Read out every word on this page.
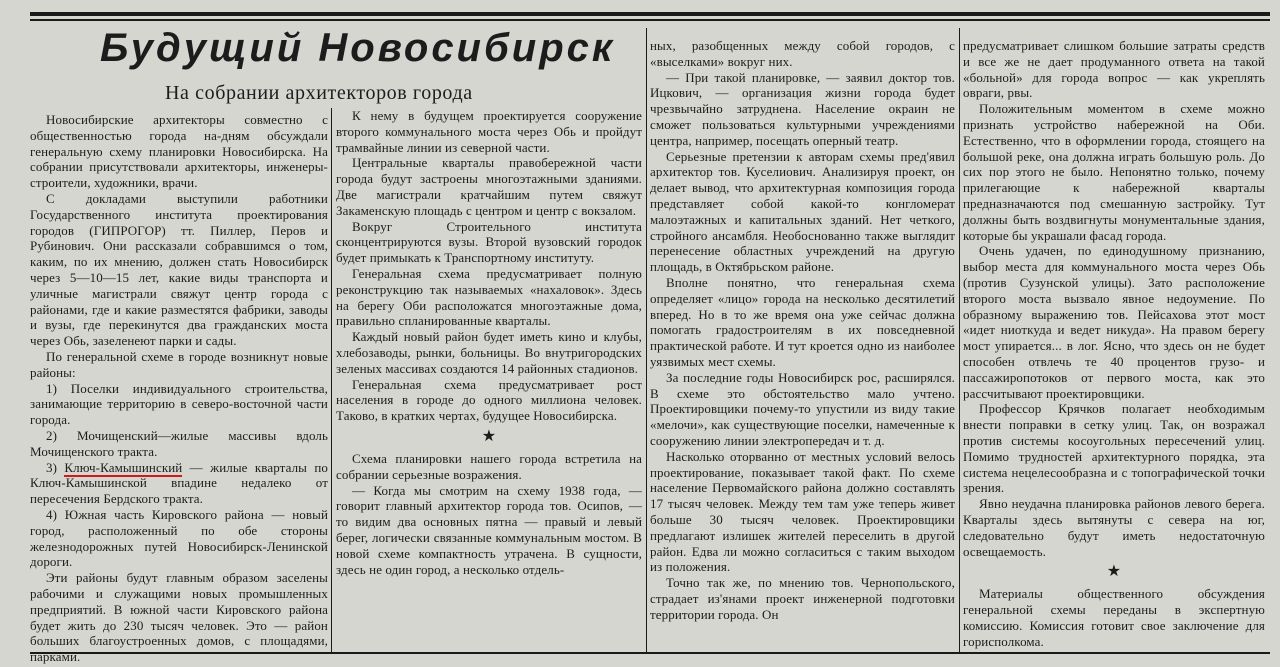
Будущий Новосибирск
На собрании архитекторов города

Новосибирские архитекторы совместно с общественностью города на-дням обсуждали генеральную схему планировки Новосибирска. На собрании присутствовали архитекторы, инженеры-строители, художники, врачи.

С докладами выступили работники Государственного института проектирования городов (ГИПРОГОР) тт. Пиллер, Перов и Рубинович. Они рассказали собравшимся о том, каким, по их мнению, должен стать Новосибирск через 5—10—15 лет, какие виды транспорта и уличные магистрали свяжут центр города с районами, где и какие разместятся фабрики, заводы и вузы, где перекинутся два гражданских моста через Обь, зазеленеют парки и сады.

По генеральной схеме в городе возникнут новые районы:

1) Поселки индивидуального строительства, занимающие территорию в северо-восточной части города.

2) Мочищенский—жилые массивы вдоль Мочищенского тракта.

3) Ключ-Камышинский — жилые кварталы по Ключ-Камышинской впадине недалеко от пересечения Бердского тракта.

4) Южная часть Кировского района — новый город, расположенный по обе стороны железнодорожных путей Новосибирск-Ленинской дороги.

Эти районы будут главным образом заселены рабочими и служащими новых промышленных предприятий. В южной части Кировского района будет жить до 230 тысяч человек. Это — район больших благоустроенных домов, с площадями, парками.

К нему в будущем проектируется сооружение второго коммунального моста через Обь и пройдут трамвайные линии из северной части.

Центральные кварталы правобережной части города будут застроены многоэтажными зданиями. Две магистрали кратчайшим путем свяжут Закаменскую площадь с центром и центр с вокзалом.

Вокруг Строительного института сконцентрируются вузы. Второй вузовский городок будет примыкать к Транспортному институту.

Генеральная схема предусматривает полную реконструкцию так называемых «нахаловок». Здесь на берегу Оби расположатся многоэтажные дома, правильно спланированные кварталы.

Каждый новый район будет иметь кино и клубы, хлебозаводы, рынки, больницы. Во внутригородских зеленых массивах создаются 14 районных стадионов.

Генеральная схема предусматривает рост населения в городе до одного миллиона человек. Таково, в кратких чертах, будущее Новосибирска.

★

Схема планировки нашего города встретила на собрании серьезные возражения.

— Когда мы смотрим на схему 1938 года, — говорит главный архитектор города тов. Осипов, — то видим два основных пятна — правый и левый берег, логически связанные коммунальным мостом. В новой схеме компактность утрачена. В сущности, здесь не один город, а несколько отдель-

ных, разобщенных между собой городов, с «выселками» вокруг них.

— При такой планировке, — заявил доктор тов. Ицкович, — организация жизни города будет чрезвычайно затруднена. Население окраин не сможет пользоваться культурными учреждениями центра, например, посещать оперный театр.

Серьезные претензии к авторам схемы пред'явил архитектор тов. Куселиович. Анализируя проект, он делает вывод, что архитектурная композиция города представляет собой какой-то конгломерат малоэтажных и капитальных зданий. Нет четкого, стройного ансамбля. Необоснованно также выглядит перенесение областных учреждений на другую площадь, в Октябрьском районе.

Вполне понятно, что генеральная схема определяет «лицо» города на несколько десятилетий вперед. Но в то же время она уже сейчас должна помогать градостроителям в их повседневной практической работе. И тут кроется одно из наиболее уязвимых мест схемы.

За последние годы Новосибирск рос, расширялся. В схеме это обстоятельство мало учтено. Проектировщики почему-то упустили из виду такие «мелочи», как существующие поселки, намеченные к сооружению линии электропередач и т. д.

Насколько оторванно от местных условий велось проектирование, показывает такой факт. По схеме население Первомайского района должно составлять 17 тысяч человек. Между тем там уже теперь живет больше 30 тысяч человек. Проектировщики предлагают излишек жителей переселить в другой район. Едва ли можно согласиться с таким выходом из положения.

Точно так же, по мнению тов. Чернопольского, страдает из'янами проект инженерной подготовки территории города. Он

предусматривает слишком большие затраты средств и все же не дает продуманного ответа на такой «больной» для города вопрос — как укреплять овраги, рвы.

Положительным моментом в схеме можно признать устройство набережной на Оби. Естественно, что в оформлении города, стоящего на большой реке, она должна играть большую роль. До сих пор этого не было. Непонятно только, почему прилегающие к набережной кварталы предназначаются под смешанную застройку. Тут должны быть воздвигнуты монументальные здания, которые бы украшали фасад города.

Очень удачен, по единодушному признанию, выбор места для коммунального моста через Обь (против Сузунской улицы). Зато расположение второго моста вызвало явное недоумение. По образному выражению тов. Пейсахова этот мост «идет ниоткуда и ведет никуда». На правом берегу мост упирается... в лог. Ясно, что здесь он не будет способен отвлечь те 40 процентов грузо- и пассажиропотоков от первого моста, как это рассчитывают проектировщики.

Профессор Крячков полагает необходимым внести поправки в сетку улиц. Так, он возражал против системы косоугольных пересечений улиц. Помимо трудностей архитектурного порядка, эта система нецелесообразна и с топографической точки зрения.

Явно неудачна планировка районов левого берега. Кварталы здесь вытянуты с севера на юг, следовательно будут иметь недостаточную освещаемость.

★

Материалы общественного обсуждения генеральной схемы переданы в экспертную комиссию. Комиссия готовит свое заключение для горисполкома.
